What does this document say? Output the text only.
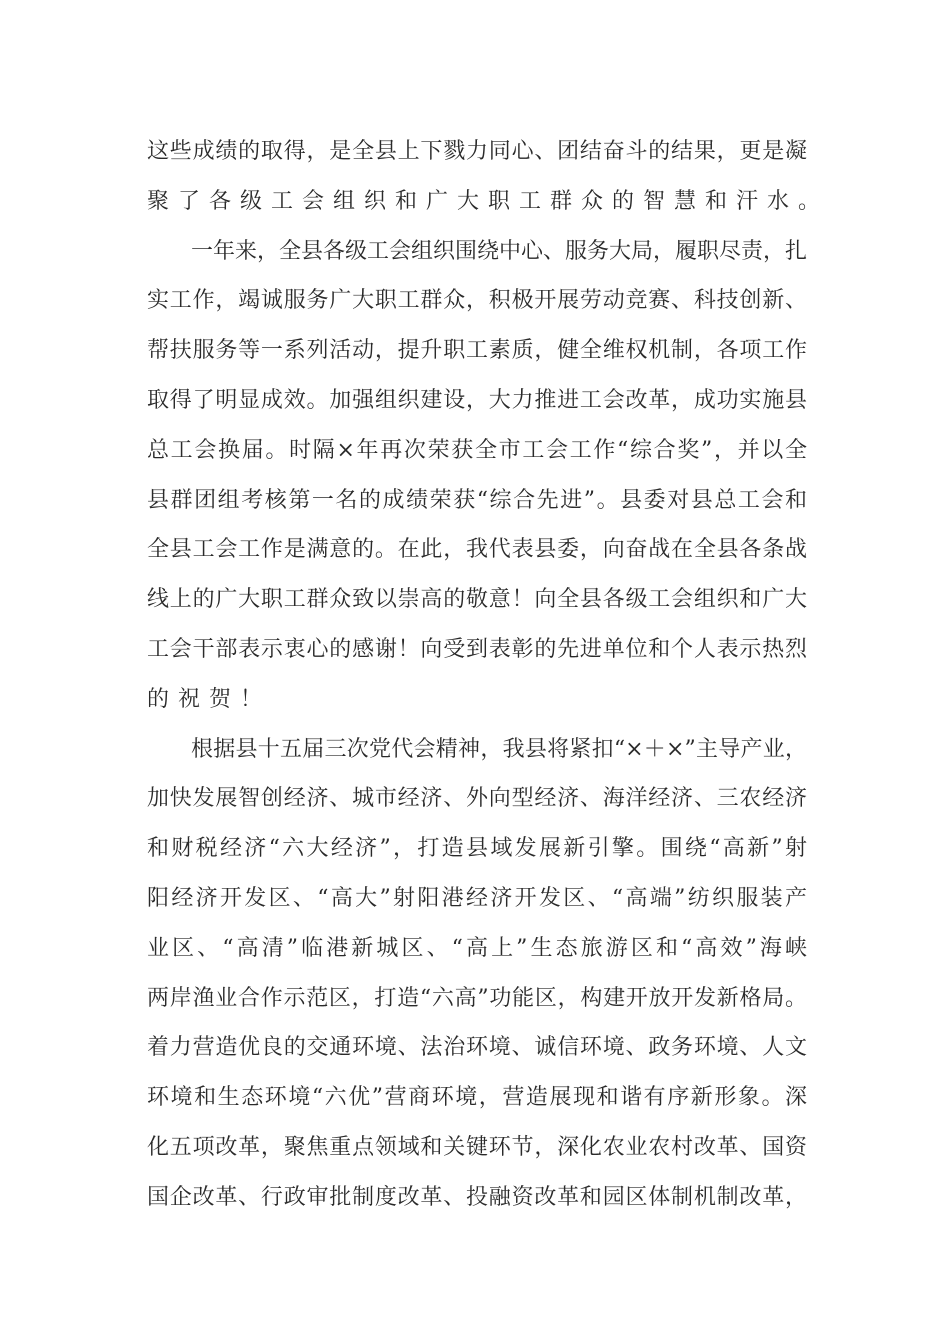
这些成绩的取得，是全县上下戮力同心、团结奋斗的结果，更是凝
聚了各级工会组织和广大职工群众的智慧和汗水。
一年来，全县各级工会组织围绕中心、服务大局，履职尽责，扎
实工作，竭诚服务广大职工群众，积极开展劳动竞赛、科技创新、
帮扶服务等一系列活动，提升职工素质，健全维权机制，各项工作
取得了明显成效。加强组织建设，大力推进工会改革，成功实施县
总工会换届。时隔×年再次荣获全市工会工作“综合奖”，并以全
县群团组考核第一名的成绩荣获“综合先进”。县委对县总工会和
全县工会工作是满意的。在此，我代表县委，向奋战在全县各条战
线上的广大职工群众致以崇高的敬意！向全县各级工会组织和广大
工会干部表示衷心的感谢！向受到表彰的先进单位和个人表示热烈
的祝贺！
根据县十五届三次党代会精神，我县将紧扣“×＋×”主导产业，
加快发展智创经济、城市经济、外向型经济、海洋经济、三农经济
和财税经济“六大经济”，打造县域发展新引擎。围绕“高新”射
阳经济开发区、“高大”射阳港经济开发区、“高端”纺织服装产
业区、“高清”临港新城区、“高上”生态旅游区和“高效”海峡
两岸渔业合作示范区，打造“六高”功能区，构建开放开发新格局。
着力营造优良的交通环境、法治环境、诚信环境、政务环境、人文
环境和生态环境“六优”营商环境，营造展现和谐有序新形象。深
化五项改革，聚焦重点领域和关键环节，深化农业农村改革、国资
国企改革、行政审批制度改革、投融资改革和园区体制机制改革，
